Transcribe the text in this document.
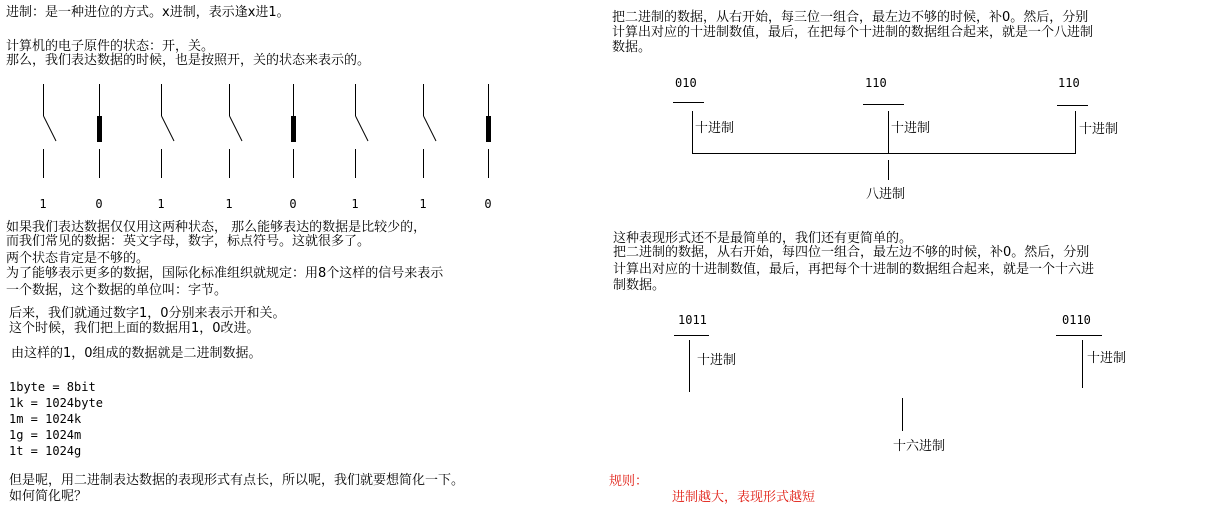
进制：是一种进位的方式。x进制，表示逢x进1。
计算机的电子原件的状态：开，关。
那么，我们表达数据的时候，也是按照开，关的状态来表示的。
如果我们表达数据仅仅用这两种状态， 那么能够表达的数据是比较少的，
而我们常见的数据：英文字母，数字，标点符号。这就很多了。
两个状态肯定是不够的。
为了能够表示更多的数据，国际化标准组织就规定：用8个这样的信号来表示
一个数据，这个数据的单位叫：字节。
后来，我们就通过数字1，0分别来表示开和关。
这个时候，我们把上面的数据用1，0改进。
由这样的1，0组成的数据就是二进制数据。
1byte = 8bit
1k = 1024byte
1m = 1024k
1g = 1024m
1t = 1024g
但是呢，用二进制表达数据的表现形式有点长，所以呢，我们就要想简化一下。
如何简化呢？
把二进制的数据，从右开始，每三位一组合，最左边不够的时候，补0。然后，分别
计算出对应的十进制数值，最后，在把每个十进制的数据组合起来，就是一个八进制
数据。
这种表现形式还不是最简单的，我们还有更简单的。
把二进制的数据，从右开始，每四位一组合，最左边不够的时候，补0。然后，分别
计算出对应的十进制数值，最后，再把每个十进制的数据组合起来，就是一个十六进
制数据。
规则：
进制越大，表现形式越短
1	0	1	1	0	1	1	0
010	110	110
十进制	十进制	十进制
八进制
1011	0110
十进制	十进制
十六进制
